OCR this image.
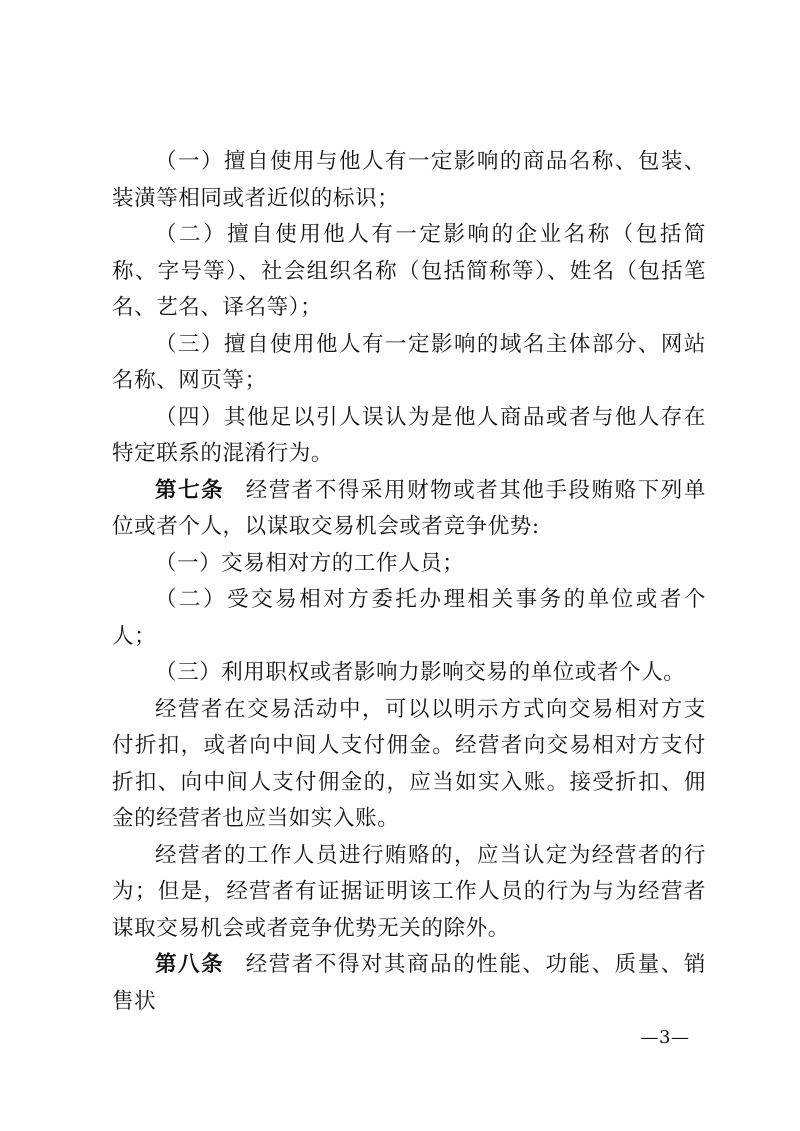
（一）擅自使用与他人有一定影响的商品名称、包装、装潢等相同或者近似的标识；

（二）擅自使用他人有一定影响的企业名称（包括简称、字号等）、社会组织名称（包括简称等）、姓名（包括笔名、艺名、译名等）；

（三）擅自使用他人有一定影响的域名主体部分、网站名称、网页等；

（四）其他足以引人误认为是他人商品或者与他人存在特定联系的混淆行为。

第七条 经营者不得采用财物或者其他手段贿赂下列单位或者个人，以谋取交易机会或者竞争优势:

（一）交易相对方的工作人员；

（二）受交易相对方委托办理相关事务的单位或者个人；

（三）利用职权或者影响力影响交易的单位或者个人。

经营者在交易活动中，可以以明示方式向交易相对方支付折扣，或者向中间人支付佣金。经营者向交易相对方支付折扣、向中间人支付佣金的，应当如实入账。接受折扣、佣金的经营者也应当如实入账。

经营者的工作人员进行贿赂的，应当认定为经营者的行为；但是，经营者有证据证明该工作人员的行为与为经营者谋取交易机会或者竞争优势无关的除外。

第八条 经营者不得对其商品的性能、功能、质量、销售状

—3—
